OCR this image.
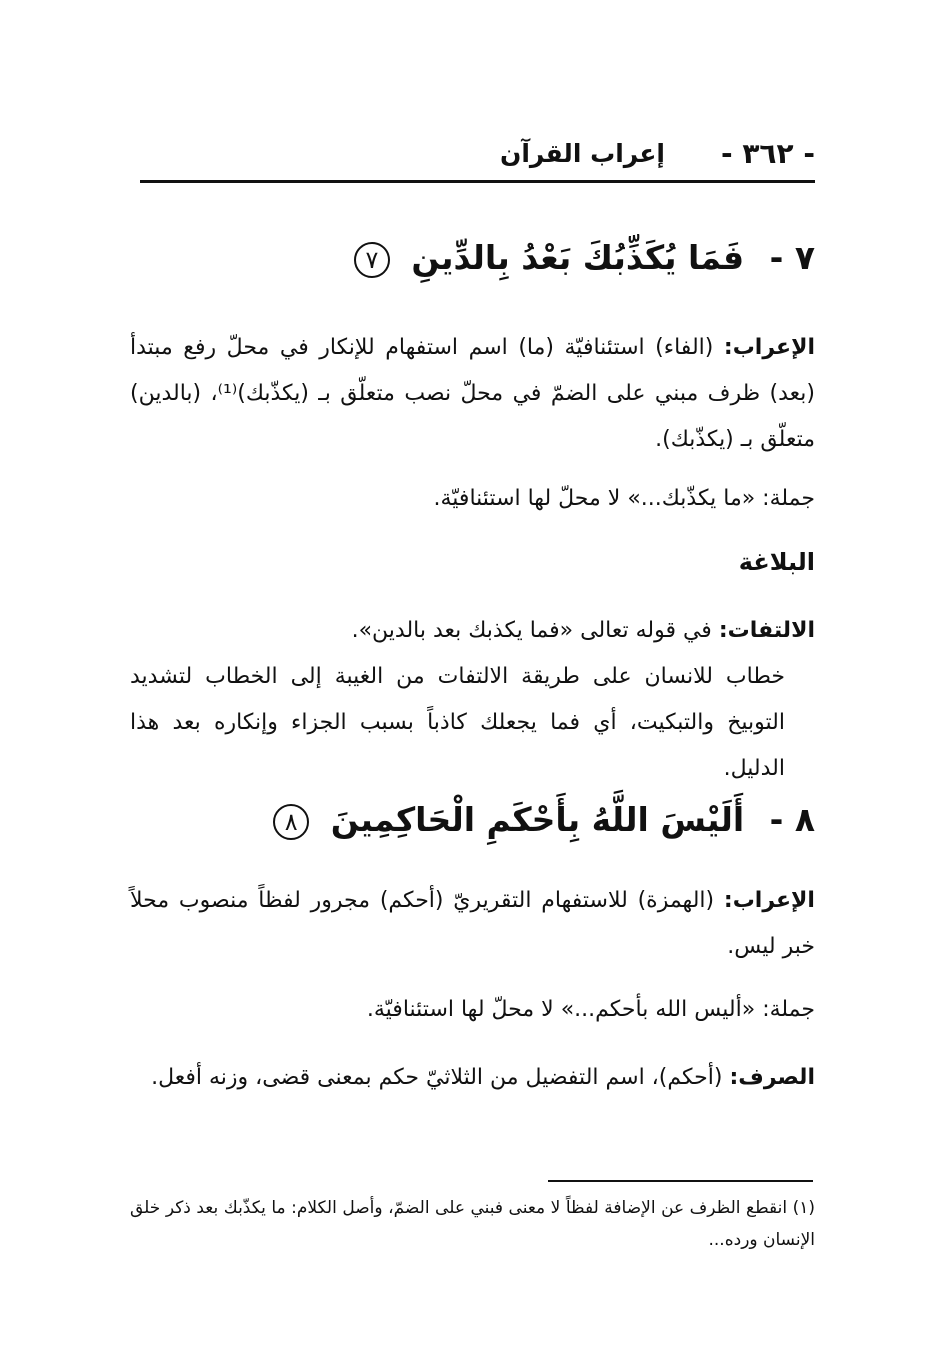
- ٣٦٢ -
إعراب القرآن
٧ - فَمَا يُكَذِّبُكَ بَعْدُ بِالدِّينِ ٧
الإعراب: (الفاء) استئنافيّة (ما) اسم استفهام للإنكار في محلّ رفع مبتدأ (بعد) ظرف مبني على الضمّ في محلّ نصب متعلّق بـ (يكذّبك)⁽¹⁾، (بالدين) متعلّق بـ (يكذّبك).
جملة: «ما يكذّبك...» لا محلّ لها استئنافيّة.
البلاغة
الالتفات: في قوله تعالى «فما يكذبك بعد بالدين».
خطاب للانسان على طريقة الالتفات من الغيبة إلى الخطاب لتشديد التوبيخ والتبكيت، أي فما يجعلك كاذباً بسبب الجزاء وإنكاره بعد هذا الدليل.
٨ - أَلَيْسَ اللَّهُ بِأَحْكَمِ الْحَاكِمِينَ ٨
الإعراب: (الهمزة) للاستفهام التقريريّ (أحكم) مجرور لفظاً منصوب محلاً خبر ليس.
جملة: «أليس الله بأحكم...» لا محلّ لها استئنافيّة.
الصرف: (أحكم)، اسم التفضيل من الثلاثيّ حكم بمعنى قضى، وزنه أفعل.
(١) انقطع الظرف عن الإضافة لفظاً لا معنى فبني على الضمّ، وأصل الكلام: ما يكذّبك بعد ذكر خلق الإنسان ورده...
